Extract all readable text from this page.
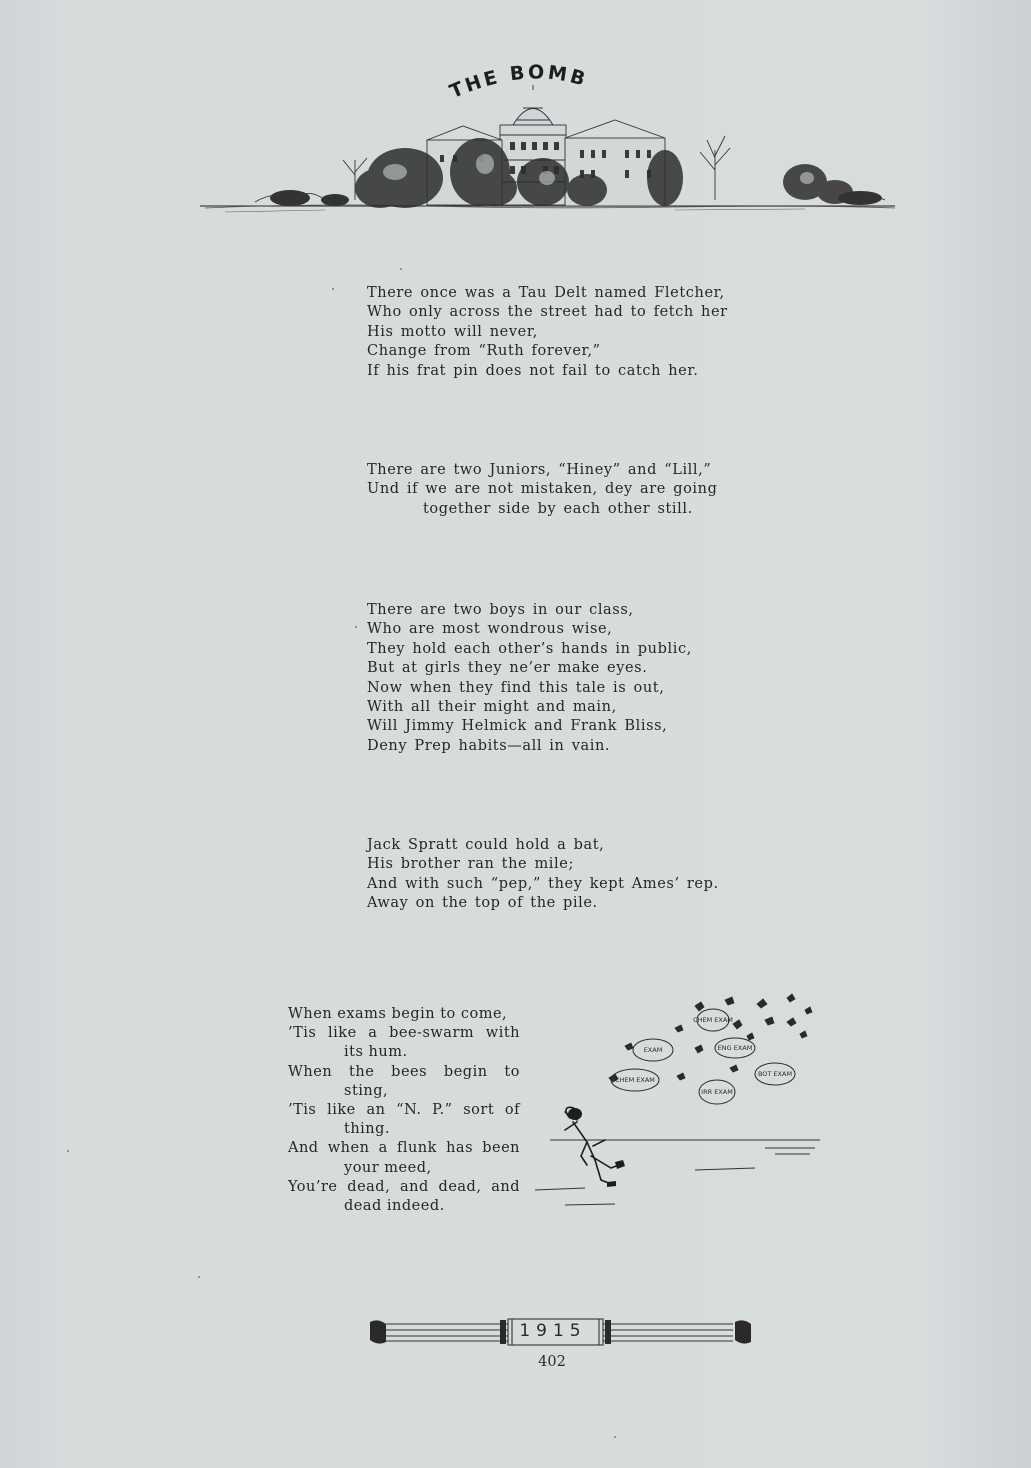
THE BOMB
There once was a Tau Delt named Fletcher,
Who only across the street had to fetch her
His motto will never,
Change from “Ruth forever,”
If his frat pin does not fail to catch her.
There are two Juniors, “Hiney” and “Lill,”
Und if we are not mistaken, dey are going
together side by each other still.
There are two boys in our class,
Who are most wondrous wise,
They hold each other’s hands in public,
But at girls they ne’er make eyes.
Now when they find this tale is out,
With all their might and main,
Will Jimmy Helmick and Frank Bliss,
Deny Prep habits—all in vain.
Jack Spratt could hold a bat,
His brother ran the mile;
And with such “pep,” they kept Ames’ rep.
Away on the top of the pile.
When exams begin to come,
’Tis like a bee-swarm with
its hum.
When the bees begin to
sting,
’Tis like an “N. P.” sort of
thing.
And when a flunk has been
your meed,
You’re dead, and dead, and
dead indeed.
CHEM EXAM
EXAM	ENG EXAM
BOT EXAM
CHEM EXAM
IRR EXAM
1915
402
